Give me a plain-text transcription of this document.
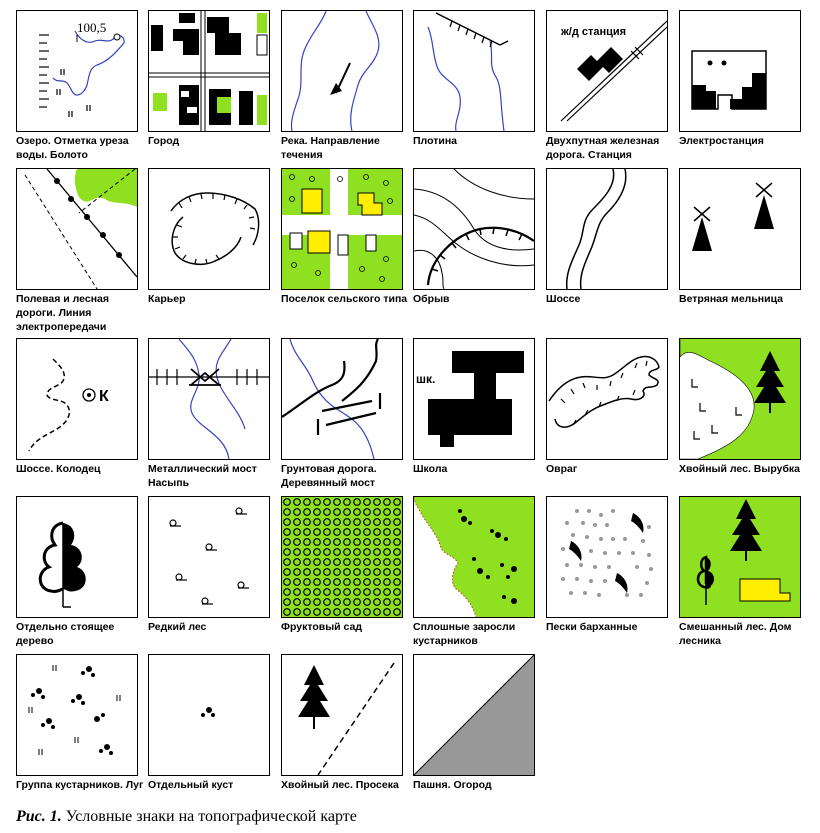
100,5
Озеро. Отметка уреза воды. Болото
Город	Река. Направление течения
Плотина
ж/д станция
Двухпутная железная дорога. Станция
Электростанция
Полевая и лесная дороги. Линия электропередачи
Карьер	Поселок сельского типа Обрыв	Шоссе	Ветряная мельница
К
Шоссе. Колодец	Металлический мост Насыпь
Грунтовая дорога. Деревянный мост
шк.
Школа	Овраг	Хвойный лес. Вырубка
Отдельно стоящее дерево
Редкий лес	Фруктовый сад	Сплошные заросли кустарников
Пески барханные	Смешанный лес. Дом лесника
Группа кустарников. Луг Отдельный куст	Хвойный лес. Просека	Пашня. Огород
Рис. 1. Условные знаки на топографической карте
